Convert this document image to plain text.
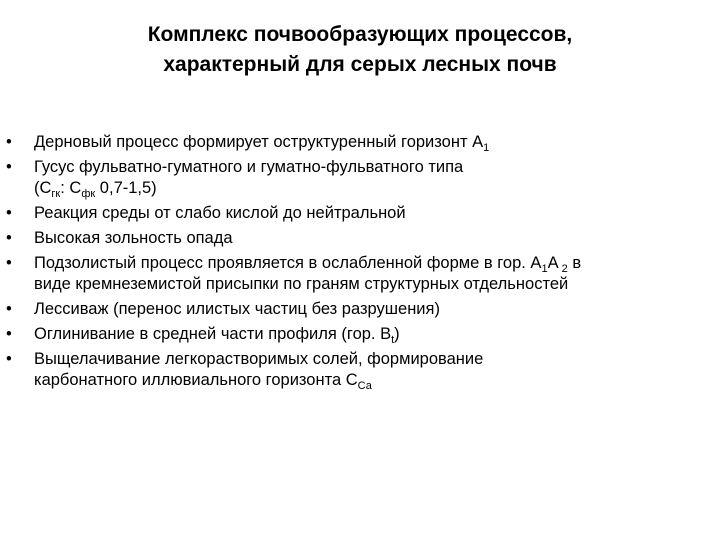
Комплекс почвообразующих процессов,
характерный для серых лесных почв
•	Дерновый процесс формирует оструктуренный горизонт $А_1$
•	Гусус фульватно-гуматного и гуматно-фульватного типа
($С_{гк}$: $С_{фк}$ 0,7-1,5)
•	Реакция среды от слабо кислой до нейтральной
•	Высокая зольность опада
•	Подзолистый процесс проявляется в ослабленной форме в гор. $А_1А$ $_2$ в
виде кремнеземистой присыпки по граням структурных отдельностей
•	Лессиваж (перенос илистых частиц без разрушения)
•	Оглинивание в средней части профиля (гор. $В_t$)
•	Выщелачивание легкорастворимых солей, формирование
карбонатного иллювиального горизонта $С_{Са}$
